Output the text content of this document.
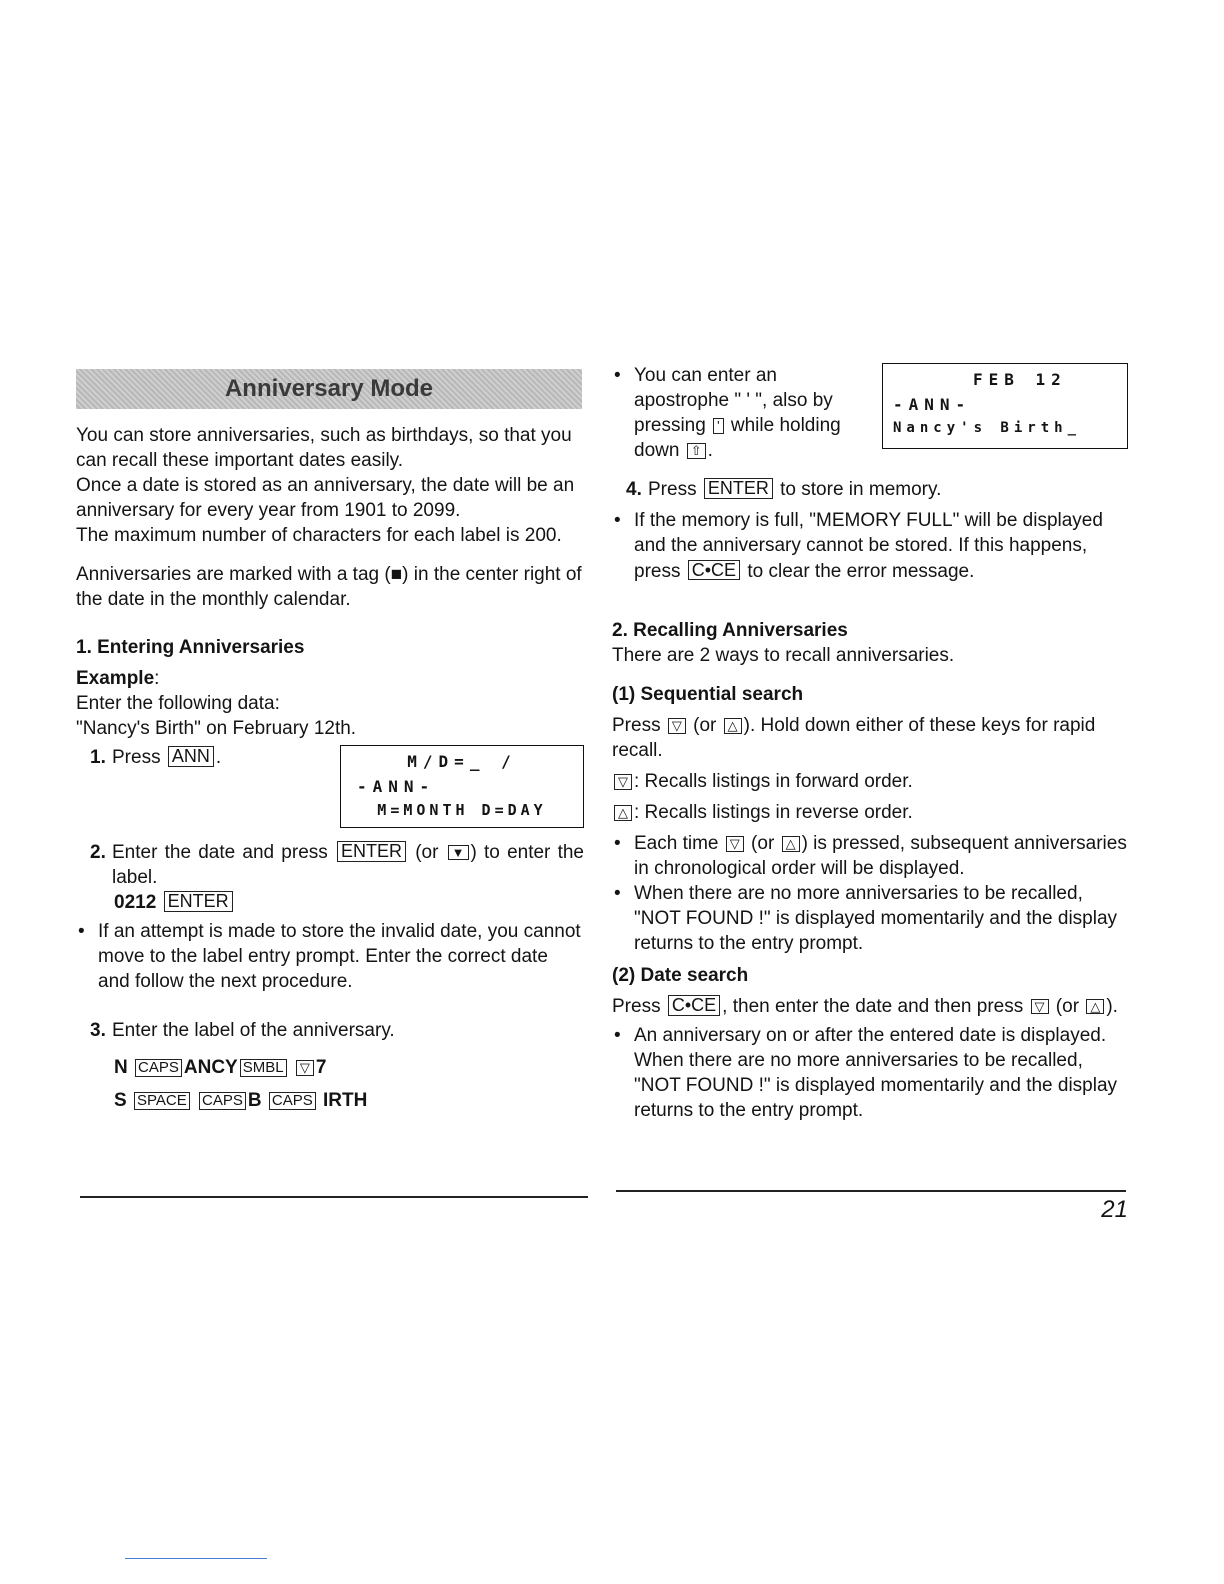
Anniversary Mode

You can store anniversaries, such as birthdays, so that you can recall these important dates easily.

Once a date is stored as an anniversary, the date will be an anniversary for every year from 1901 to 2099.

The maximum number of characters for each label is 200.

Anniversaries are marked with a tag (■) in the center right of the date in the monthly calendar.

1. Entering Anniversaries

Example:

Enter the following data:

"Nancy's Birth" on February 12th.

1. Press ANN .	M/D=_ /
-ANN-
M=MONTH D=DAY
2. Enter the date and press ENTER (or ▼ ) to enter the label.

0212 ENTER

• If an attempt is made to store the invalid date, you cannot move to the label entry prompt. Enter the correct date and follow the next procedure.

3. Enter the label of the anniversary.

N CAPS ANCY SMBL ▽ 7

S SPACE CAPS B CAPS IRTH

• You can enter an apostrophe " ' ", also by pressing ' while holding down ⇧ .

FEB 12
-ANN-
Nancy's Birth_
4. Press ENTER to store in memory.

• If the memory is full, "MEMORY FULL" will be displayed and the anniversary cannot be stored. If this happens, press C•CE to clear the error message.

2. Recalling Anniversaries

There are 2 ways to recall anniversaries.

(1) Sequential search

Press ▽ (or △ ). Hold down either of these keys for rapid recall.

▽ : Recalls listings in forward order.

△ : Recalls listings in reverse order.

• Each time ▽ (or △ ) is pressed, subsequent anniversaries in chronological order will be displayed.

• When there are no more anniversaries to be recalled, "NOT FOUND !" is displayed momentarily and the display returns to the entry prompt.

(2) Date search

Press C•CE , then enter the date and then press ▽ (or △ ).

• An anniversary on or after the entered date is displayed. When there are no more anniversaries to be recalled, "NOT FOUND !" is displayed momentarily and the display returns to the entry prompt.

21
